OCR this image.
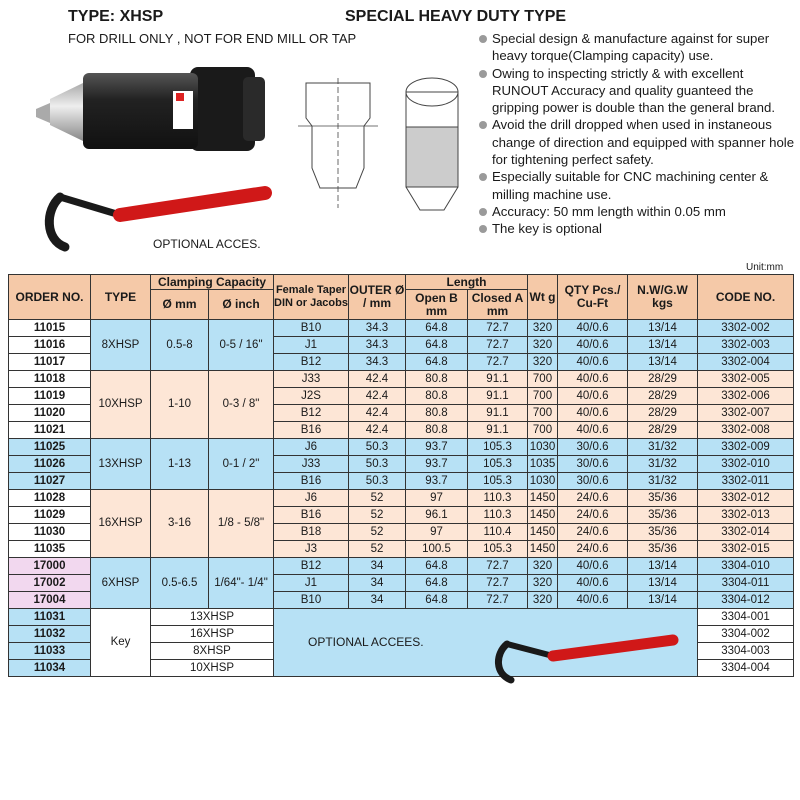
TYPE: XHSP	SPECIAL HEAVY DUTY TYPE
FOR DRILL ONLY , NOT FOR END MILL OR TAP
OPTIONAL ACCES.
Special design & manufacture against for super heavy torque(Clamping capacity) use.
Owing to inspecting strictly & with excellent RUNOUT Accuracy and quality guanteed the gripping power is double than the general brand.
Avoid the drill dropped when used in instaneous change of direction and equipped with spanner hole for tightening perfect safety.
Especially suitable for CNC machining center & milling machine use.
Accuracy: 50 mm length within 0.05 mm
The key is optional
Unit:mm
ORDER NO.	TYPE	Clamping Capacity		Female Taper DIN or Jacobs	OUTER Ø / mm	Length		Wt g	QTY Pcs./ Cu-Ft	N.W/G.W kgs	CODE NO.
		Ø mm	Ø inch			Open B mm	Closed A mm				
11015	8XHSP	0.5-8	0-5 / 16"	B10	34.3	64.8	72.7	320	40/0.6	13/14	3302-002
11016				J1	34.3	64.8	72.7	320	40/0.6	13/14	3302-003
11017				B12	34.3	64.8	72.7	320	40/0.6	13/14	3302-004
11018	10XHSP	1-10	0-3 / 8"	J33	42.4	80.8	91.1	700	40/0.6	28/29	3302-005
11019				J2S	42.4	80.8	91.1	700	40/0.6	28/29	3302-006
11020				B12	42.4	80.8	91.1	700	40/0.6	28/29	3302-007
11021				B16	42.4	80.8	91.1	700	40/0.6	28/29	3302-008
11025	13XHSP	1-13	0-1 / 2"	J6	50.3	93.7	105.3	1030	30/0.6	31/32	3302-009
11026				J33	50.3	93.7	105.3	1035	30/0.6	31/32	3302-010
11027				B16	50.3	93.7	105.3	1030	30/0.6	31/32	3302-011
11028	16XHSP	3-16	1/8 - 5/8"	J6	52	97	110.3	1450	24/0.6	35/36	3302-012
11029				B16	52	96.1	110.3	1450	24/0.6	35/36	3302-013
11030				B18	52	97	110.4	1450	24/0.6	35/36	3302-014
11035				J3	52	100.5	105.3	1450	24/0.6	35/36	3302-015
17000	6XHSP	0.5-6.5	1/64"- 1/4"	B12	34	64.8	72.7	320	40/0.6	13/14	3304-010
17002				J1	34	64.8	72.7	320	40/0.6	13/14	3304-011
17004				B10	34	64.8	72.7	320	40/0.6	13/14	3304-012
11031	Key	13XHSP		OPTIONAL ACCEES.							3304-001
11032		16XHSP									3304-002
11033		8XHSP									3304-003
11034		10XHSP									3304-004
